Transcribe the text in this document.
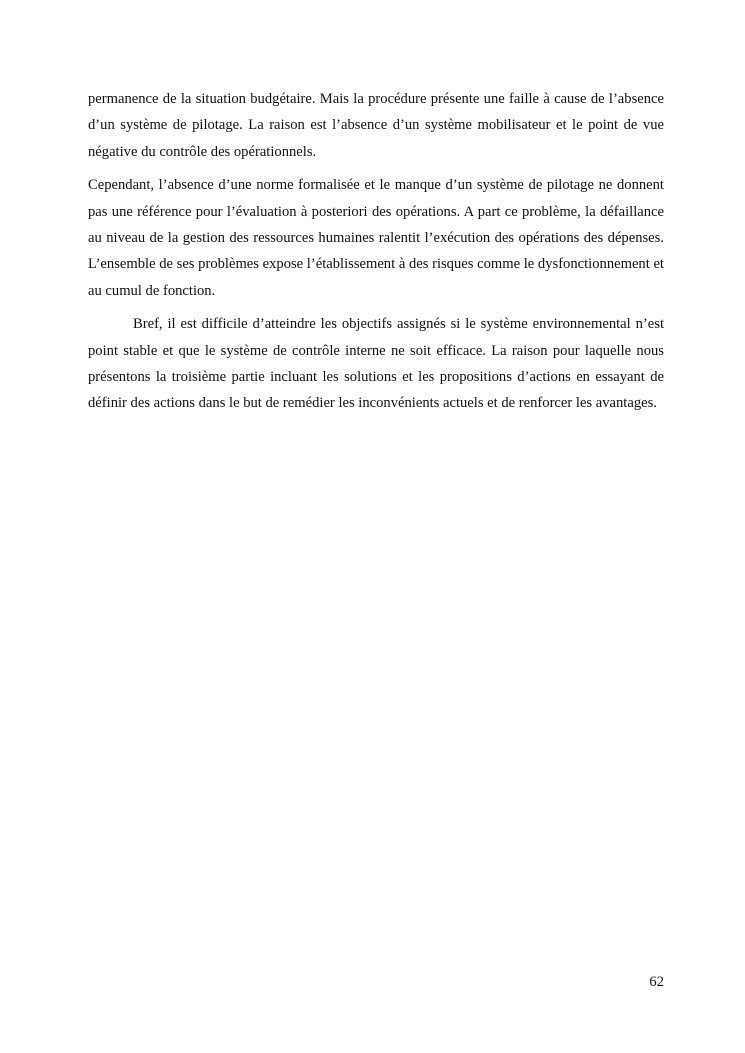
permanence de la situation budgétaire. Mais la procédure présente une faille à cause de l’absence d’un système de pilotage. La raison est l’absence d’un système mobilisateur et le point de vue négative du contrôle des opérationnels.

Cependant, l’absence d’une norme formalisée et le manque d’un système de pilotage ne donnent pas une référence pour l’évaluation à posteriori des opérations. A part ce problème, la défaillance au niveau de la gestion des ressources humaines ralentit l’exécution des opérations des dépenses. L’ensemble de ses problèmes expose l’établissement à des risques comme le dysfonctionnement et au cumul de fonction.

Bref, il est difficile d’atteindre les objectifs assignés si le système environnemental n’est point stable et que le système de contrôle interne ne soit efficace. La raison pour laquelle nous présentons la troisième partie incluant les solutions et les propositions d’actions en essayant de définir des actions dans le but de remédier les inconvénients actuels et de renforcer les avantages.

62
